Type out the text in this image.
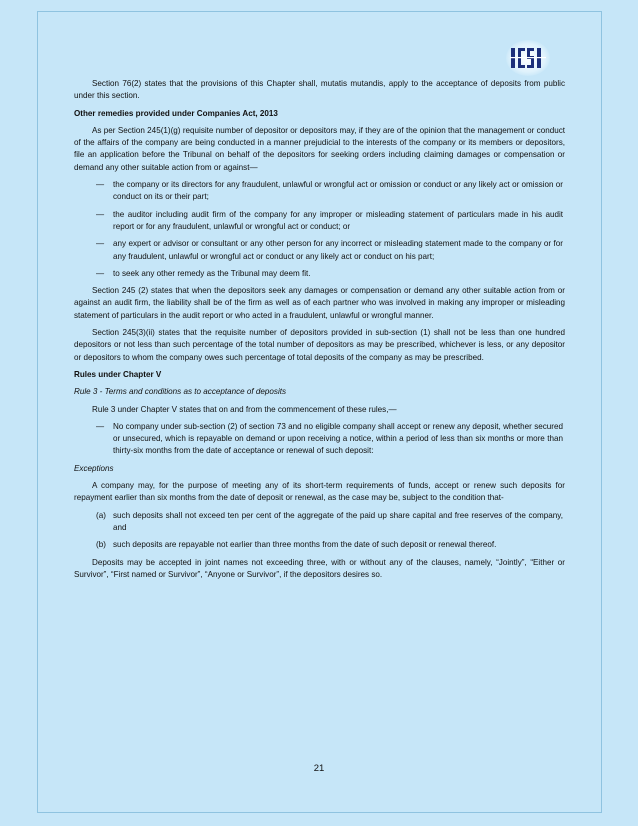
Section 76(2) states that the provisions of this Chapter shall, mutatis mutandis, apply to the acceptance of deposits from public under this section.

Other remedies provided under Companies Act, 2013

As per Section 245(1)(g) requisite number of depositor or depositors may, if they are of the opinion that the management or conduct of the affairs of the company are being conducted in a manner prejudicial to the interests of the company or its members or depositors, file an application before the Tribunal on behalf of the depositors for seeking orders including claiming damages or compensation or demand any other suitable action from or against—

— the company or its directors for any fraudulent, unlawful or wrongful act or omission or conduct or any likely act or omission or conduct on its or their part;
— the auditor including audit firm of the company for any improper or misleading statement of particulars made in his audit report or for any fraudulent, unlawful or wrongful act or conduct; or
— any expert or advisor or consultant or any other person for any incorrect or misleading statement made to the company or for any fraudulent, unlawful or wrongful act or conduct or any likely act or conduct on his part;
— to seek any other remedy as the Tribunal may deem fit.

Section 245 (2) states that when the depositors seek any damages or compensation or demand any other suitable action from or against an audit firm, the liability shall be of the firm as well as of each partner who was involved in making any improper or misleading statement of particulars in the audit report or who acted in a fraudulent, unlawful or wrongful manner.

Section 245(3)(ii) states that the requisite number of depositors provided in sub-section (1) shall not be less than one hundred depositors or not less than such percentage of the total number of depositors as may be prescribed, whichever is less, or any depositor or depositors to whom the company owes such percentage of total deposits of the company as may be prescribed.

Rules under Chapter V

Rule 3 - Terms and conditions as to acceptance of deposits

Rule 3 under Chapter V states that on and from the commencement of these rules,—

— No company under sub-section (2) of section 73 and no eligible company shall accept or renew any deposit, whether secured or unsecured, which is repayable on demand or upon receiving a notice, within a period of less than six months or more than thirty-six months from the date of acceptance or renewal of such deposit:

Exceptions

A company may, for the purpose of meeting any of its short-term requirements of funds, accept or renew such deposits for repayment earlier than six months from the date of deposit or renewal, as the case may be, subject to the condition that-

(a) such deposits shall not exceed ten per cent of the aggregate of the paid up share capital and free reserves of the company, and
(b) such deposits are repayable not earlier than three months from the date of such deposit or renewal thereof.

Deposits may be accepted in joint names not exceeding three, with or without any of the clauses, namely, “Jointly”, “Either or Survivor”, “First named or Survivor”, “Anyone or Survivor”, if the depositors desires so.

21
